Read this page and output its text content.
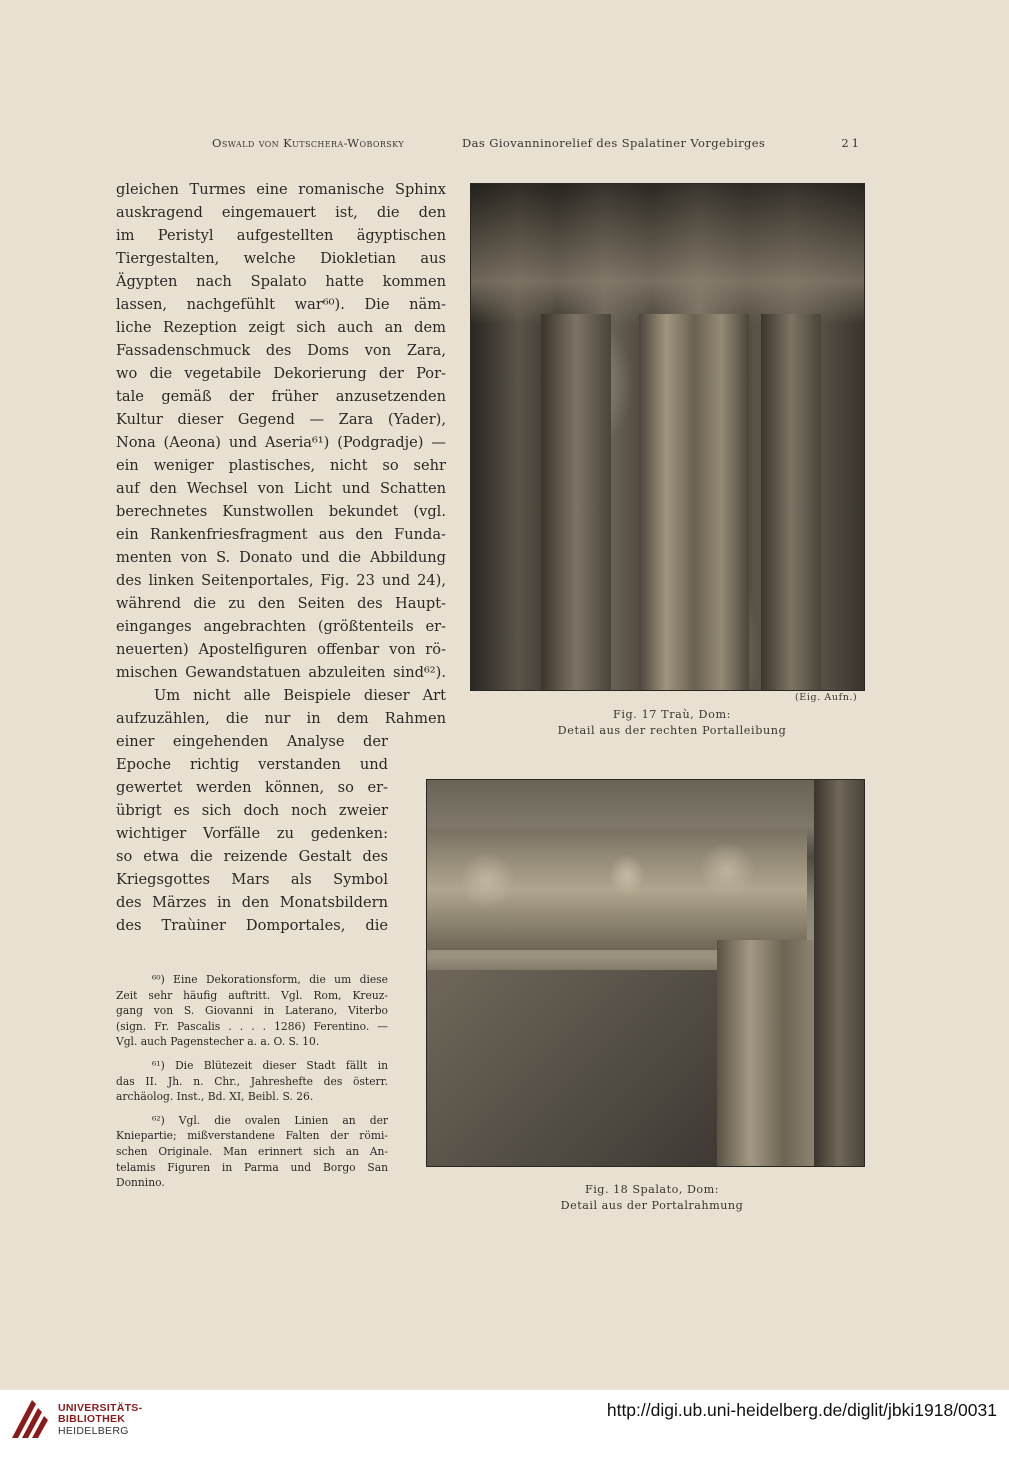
Oswald von Kutschera-Woborsky	Das Giovanninorelief des Spalatiner Vorgebirges	21
gleichen Turmes eine romanische Sphinx
auskragend eingemauert ist, die den
im Peristyl aufgestellten ägyptischen
Tiergestalten, welche Diokletian aus
Ägypten nach Spalato hatte kommen
lassen, nachgefühlt war⁶⁰). Die näm-
liche Rezeption zeigt sich auch an dem
Fassadenschmuck des Doms von Zara,
wo die vegetabile Dekorierung der Por-
tale gemäß der früher anzusetzenden
Kultur dieser Gegend — Zara (Yader),
Nona (Aeona) und Aseria⁶¹) (Podgradje) —
ein weniger plastisches, nicht so sehr
auf den Wechsel von Licht und Schatten
berechnetes Kunstwollen bekundet (vgl.
ein Rankenfriesfragment aus den Funda-
menten von S. Donato und die Abbildung
des linken Seitenportales, Fig. 23 und 24),
während die zu den Seiten des Haupt-
einganges angebrachten (größtenteils er-
neuerten) Apostelfiguren offenbar von rö-
mischen Gewandstatuen abzuleiten sind⁶²).
Um nicht alle Beispiele dieser Art
aufzuzählen, die nur in dem Rahmen
einer eingehenden Analyse der
Epoche richtig verstanden und
gewertet werden können, so er-
übrigt es sich doch noch zweier
wichtiger Vorfälle zu gedenken:
so etwa die reizende Gestalt des
Kriegsgottes Mars als Symbol
des Märzes in den Monatsbildern
des Traùiner Domportales, die
⁶⁰) Eine Dekorationsform, die um diese
Zeit sehr häufig auftritt. Vgl. Rom, Kreuz-
gang von S. Giovanni in Laterano, Viterbo
(sign. Fr. Pascalis . . . . 1286) Ferentino. —
Vgl. auch Pagenstecher a. a. O. S. 10.
⁶¹) Die Blütezeit dieser Stadt fällt in
das II. Jh. n. Chr., Jahreshefte des österr.
archäolog. Inst., Bd. XI, Beibl. S. 26.
⁶²) Vgl. die ovalen Linien an der
Kniepartie; mißverstandene Falten der römi-
schen Originale. Man erinnert sich an An-
telamis Figuren in Parma und Borgo San
Donnino.
(Eig. Aufn.)
Fig. 17 Traù, Dom:
Detail aus der rechten Portalleibung
Fig. 18 Spalato, Dom:
Detail aus der Portalrahmung
UNIVERSITÄTS-
BIBLIOTHEK
HEIDELBERG
http://digi.ub.uni-heidelberg.de/diglit/jbki1918/0031
